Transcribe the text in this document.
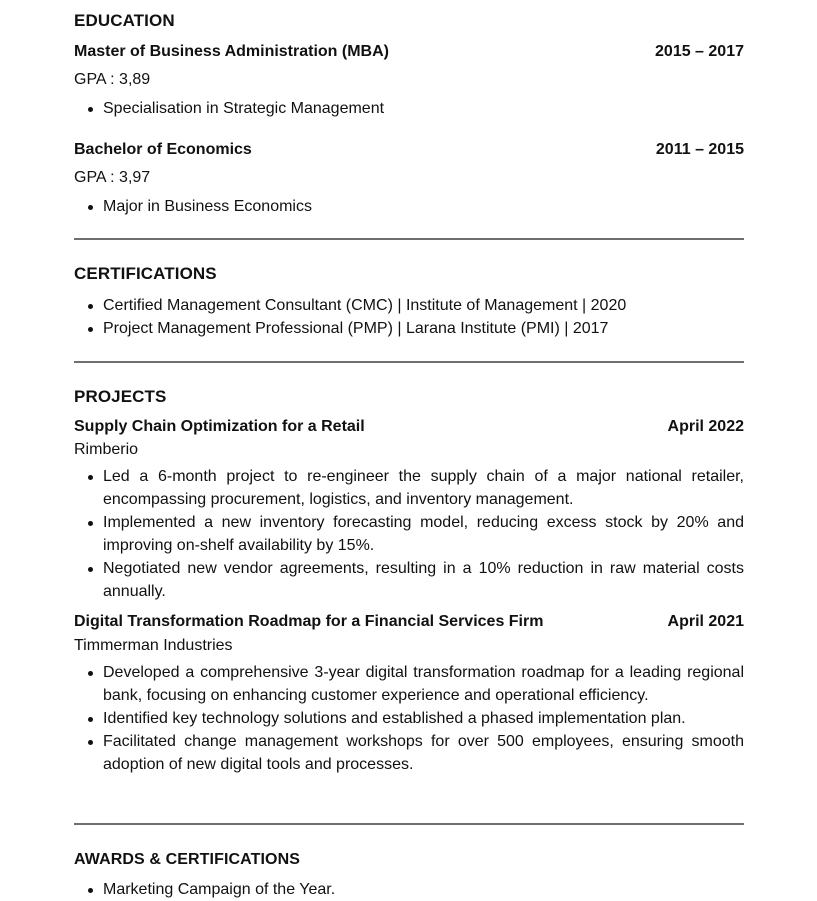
EDUCATION
Master of Business Administration (MBA)	2015 – 2017
GPA : 3,89
Specialisation in Strategic Management
Bachelor of Economics	2011 – 2015
GPA : 3,97
Major in Business Economics
CERTIFICATIONS
Certified Management Consultant (CMC) | Institute of Management | 2020
Project Management Professional (PMP) | Larana Institute (PMI) | 2017
PROJECTS
Supply Chain Optimization for a Retail	April 2022
Rimberio
Led a 6-month project to re-engineer the supply chain of a major national retailer, encompassing procurement, logistics, and inventory management.
Implemented a new inventory forecasting model, reducing excess stock by 20% and improving on-shelf availability by 15%.
Negotiated new vendor agreements, resulting in a 10% reduction in raw material costs annually.
Digital Transformation Roadmap for a Financial Services Firm	April 2021
Timmerman Industries
Developed a comprehensive 3-year digital transformation roadmap for a leading regional bank, focusing on enhancing customer experience and operational efficiency.
Identified key technology solutions and established a phased implementation plan.
Facilitated change management workshops for over 500 employees, ensuring smooth adoption of new digital tools and processes.
AWARDS & CERTIFICATIONS
Marketing Campaign of the Year.
